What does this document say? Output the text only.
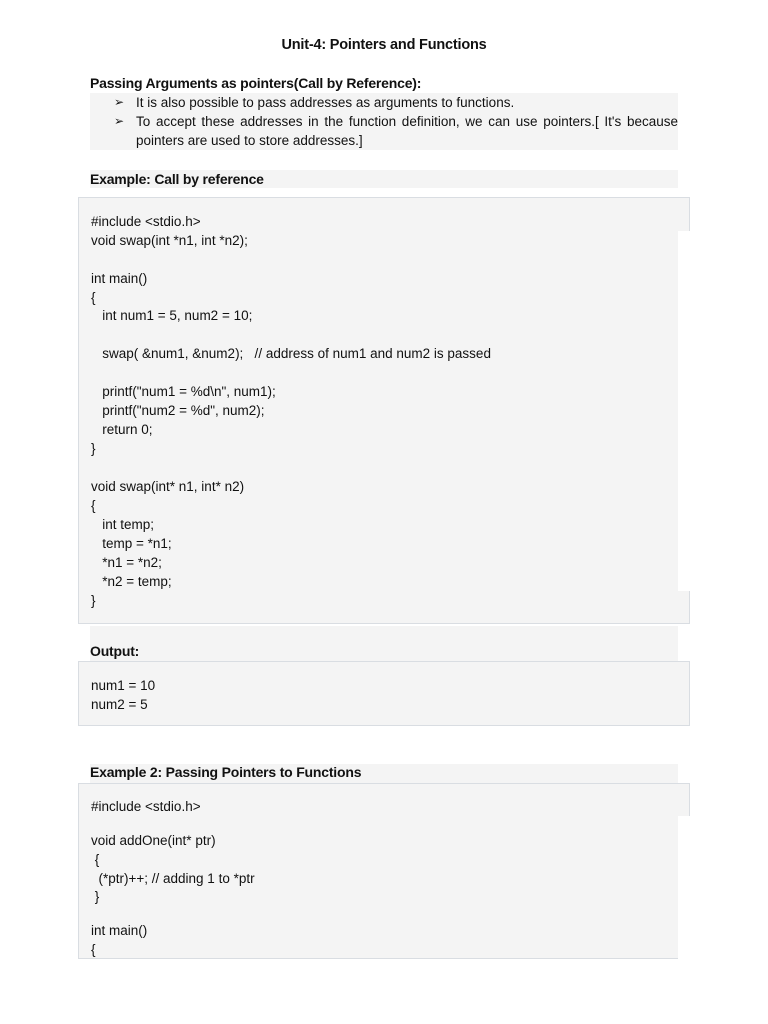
Unit-4: Pointers and Functions
Passing Arguments as pointers(Call by Reference):
➢ It is also possible to pass addresses as arguments to functions.
➢ To accept these addresses in the function definition, we can use pointers.[ It's because pointers are used to store addresses.]
Example: Call by reference
#include <stdio.h>
void swap(int *n1, int *n2);
int main()
{
int num1 = 5, num2 = 10;
swap( &num1, &num2);   // address of num1 and num2 is passed
printf("num1 = %d\n", num1);
printf("num2 = %d", num2);
return 0;
}
void swap(int* n1, int* n2)
{
int temp;
temp = *n1;
*n1 = *n2;
*n2 = temp;
}
Output:
num1 = 10
num2 = 5
Example 2: Passing Pointers to Functions
#include <stdio.h>
void addOne(int* ptr)
{
(*ptr)++; // adding 1 to *ptr
}
int main()
{
